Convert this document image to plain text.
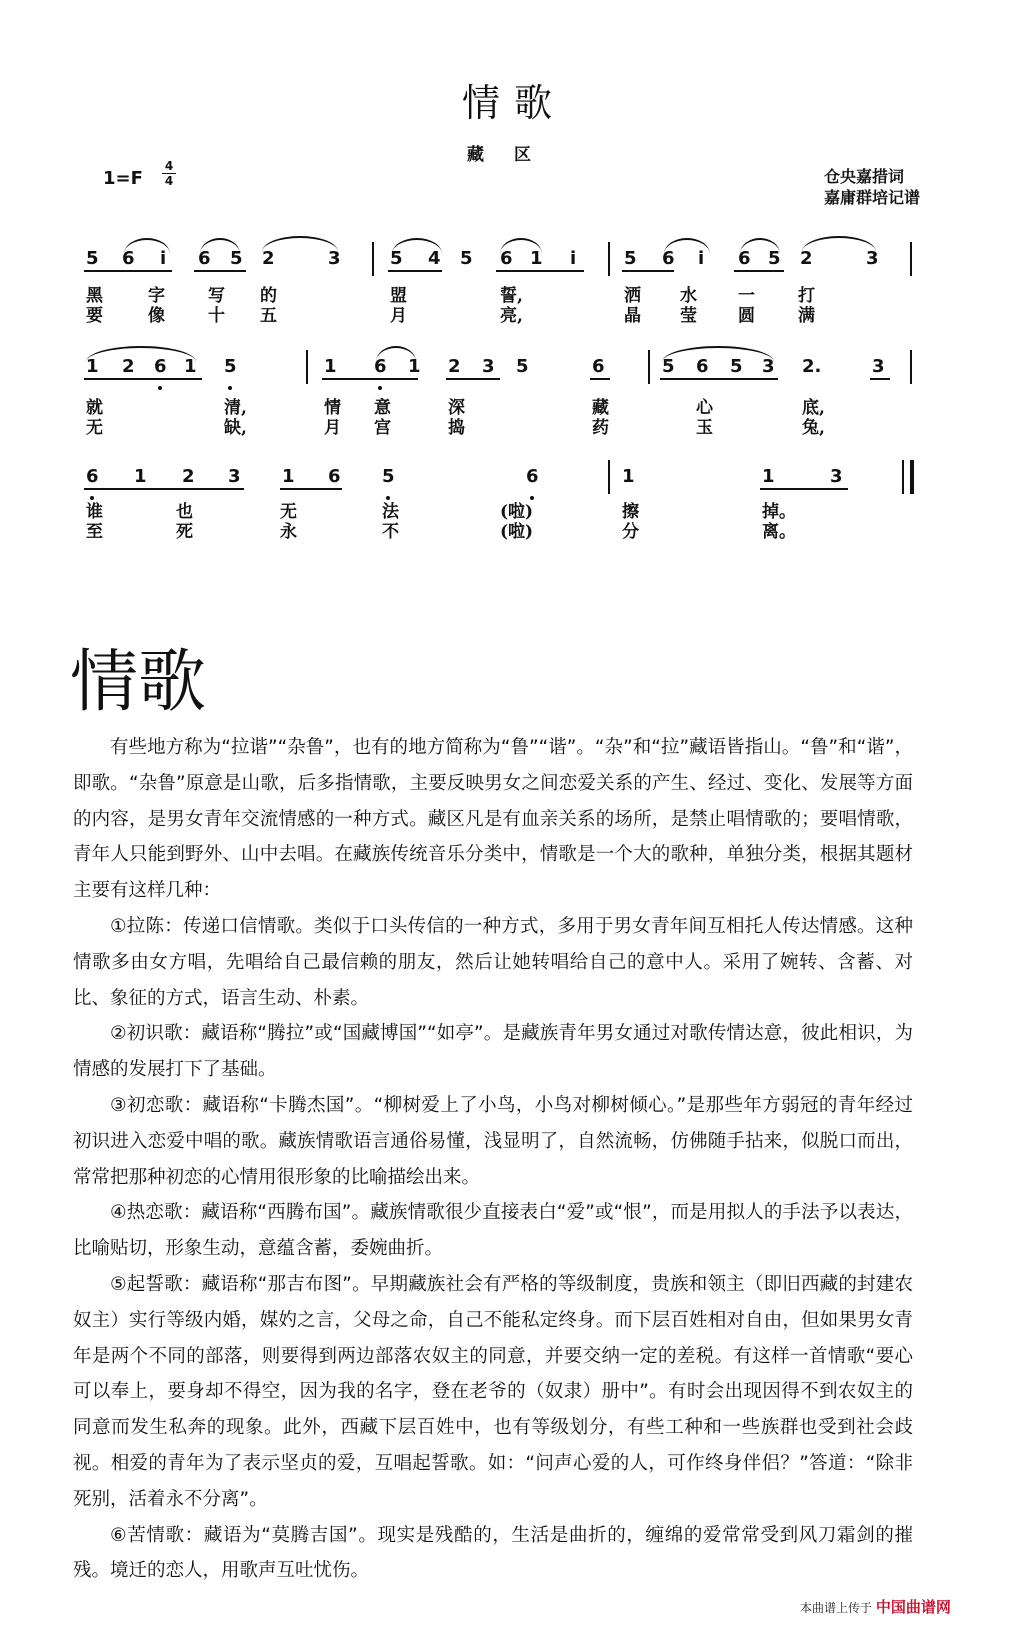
情歌
藏区
1=F
4
4	仓央嘉措词
嘉庸群培记谱
5 6 i 6 5 2	3	5 4 5 6 1 i	5 6 i 6 5 2	3
黑	字	写 的	盟	誓,	洒 水 一	打
要	像	十 五	月	亮,	晶 莹 圆	满
1 2 6 1 5	1 6 1 2 3 5	6	5 6 5 3 2.	3
就	清,	情 意	深	藏	心	底,
无	缺,	月 宫	捣	药	玉	兔,
6 1 2 3 1 6 5	6	1	1	3
谁	也	无	法	(啦)	擦	掉。
至	死	永	不	(啦)	分	离。
情歌

有些地方称为“拉谐”“杂鲁”，也有的地方简称为“鲁”“谐”。“杂”和“拉”藏语皆指山。“鲁”和“谐”，即歌。“杂鲁”原意是山歌，后多指情歌，主要反映男女之间恋爱关系的产生、经过、变化、发展等方面的内容，是男女青年交流情感的一种方式。藏区凡是有血亲关系的场所，是禁止唱情歌的；要唱情歌，青年人只能到野外、山中去唱。在藏族传统音乐分类中，情歌是一个大的歌种，单独分类，根据其题材主要有这样几种：

①拉陈：传递口信情歌。类似于口头传信的一种方式，多用于男女青年间互相托人传达情感。这种情歌多由女方唱，先唱给自己最信赖的朋友，然后让她转唱给自己的意中人。采用了婉转、含蓄、对比、象征的方式，语言生动、朴素。

②初识歌：藏语称“腾拉”或“国藏博国”“如亭”。是藏族青年男女通过对歌传情达意，彼此相识，为情感的发展打下了基础。

③初恋歌：藏语称“卡腾杰国”。“柳树爱上了小鸟，小鸟对柳树倾心。”是那些年方弱冠的青年经过初识进入恋爱中唱的歌。藏族情歌语言通俗易懂，浅显明了，自然流畅，仿佛随手拈来，似脱口而出，常常把那种初恋的心情用很形象的比喻描绘出来。

④热恋歌：藏语称“西腾布国”。藏族情歌很少直接表白“爱”或“恨”，而是用拟人的手法予以表达，比喻贴切，形象生动，意蕴含蓄，委婉曲折。

⑤起誓歌：藏语称“那吉布图”。早期藏族社会有严格的等级制度，贵族和领主（即旧西藏的封建农奴主）实行等级内婚，媒妁之言，父母之命，自己不能私定终身。而下层百姓相对自由，但如果男女青年是两个不同的部落，则要得到两边部落农奴主的同意，并要交纳一定的差税。有这样一首情歌“要心可以奉上，要身却不得空，因为我的名字，登在老爷的（奴隶）册中”。有时会出现因得不到农奴主的同意而发生私奔的现象。此外，西藏下层百姓中，也有等级划分，有些工种和一些族群也受到社会歧视。相爱的青年为了表示坚贞的爱，互唱起誓歌。如：“问声心爱的人，可作终身伴侣？”答道：“除非死别，活着永不分离”。

⑥苦情歌：藏语为“莫腾吉国”。现实是残酷的，生活是曲折的，缠绵的爱常常受到风刀霜剑的摧残。境迁的恋人，用歌声互吐忧伤。

本曲谱上传于 中国曲谱网
